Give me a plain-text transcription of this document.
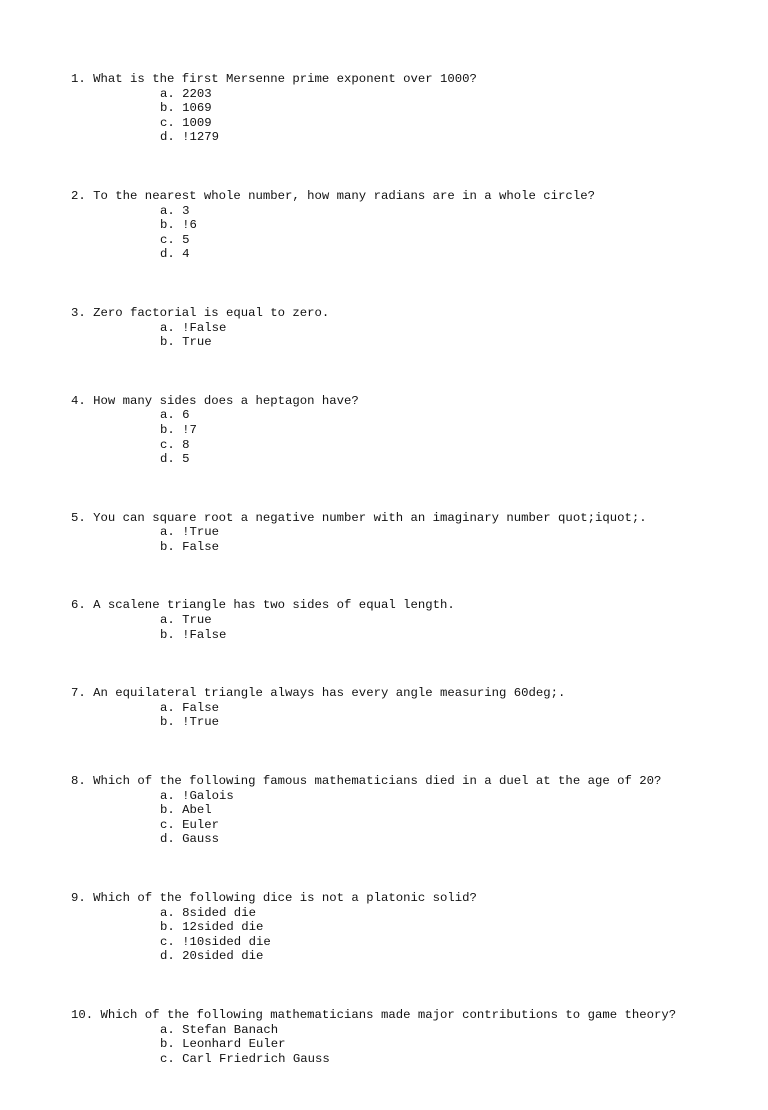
1. What is the first Mersenne prime exponent over 1000?
a. 2203
b. 1069
c. 1009
d. !1279
2. To the nearest whole number, how many radians are in a whole circle?
a. 3
b. !6
c. 5
d. 4
3. Zero factorial is equal to zero.
a. !False
b. True
4. How many sides does a heptagon have?
a. 6
b. !7
c. 8
d. 5
5. You can square root a negative number with an imaginary number quot;iquot;.
a. !True
b. False
6. A scalene triangle has two sides of equal length.
a. True
b. !False
7. An equilateral triangle always has every angle measuring 60deg;.
a. False
b. !True
8. Which of the following famous mathematicians died in a duel at the age of 20?
a. !Galois
b. Abel
c. Euler
d. Gauss
9. Which of the following dice is not a platonic solid?
a. 8sided die
b. 12sided die
c. !10sided die
d. 20sided die
10. Which of the following mathematicians made major contributions to game theory?
a. Stefan Banach
b. Leonhard Euler
c. Carl Friedrich Gauss
